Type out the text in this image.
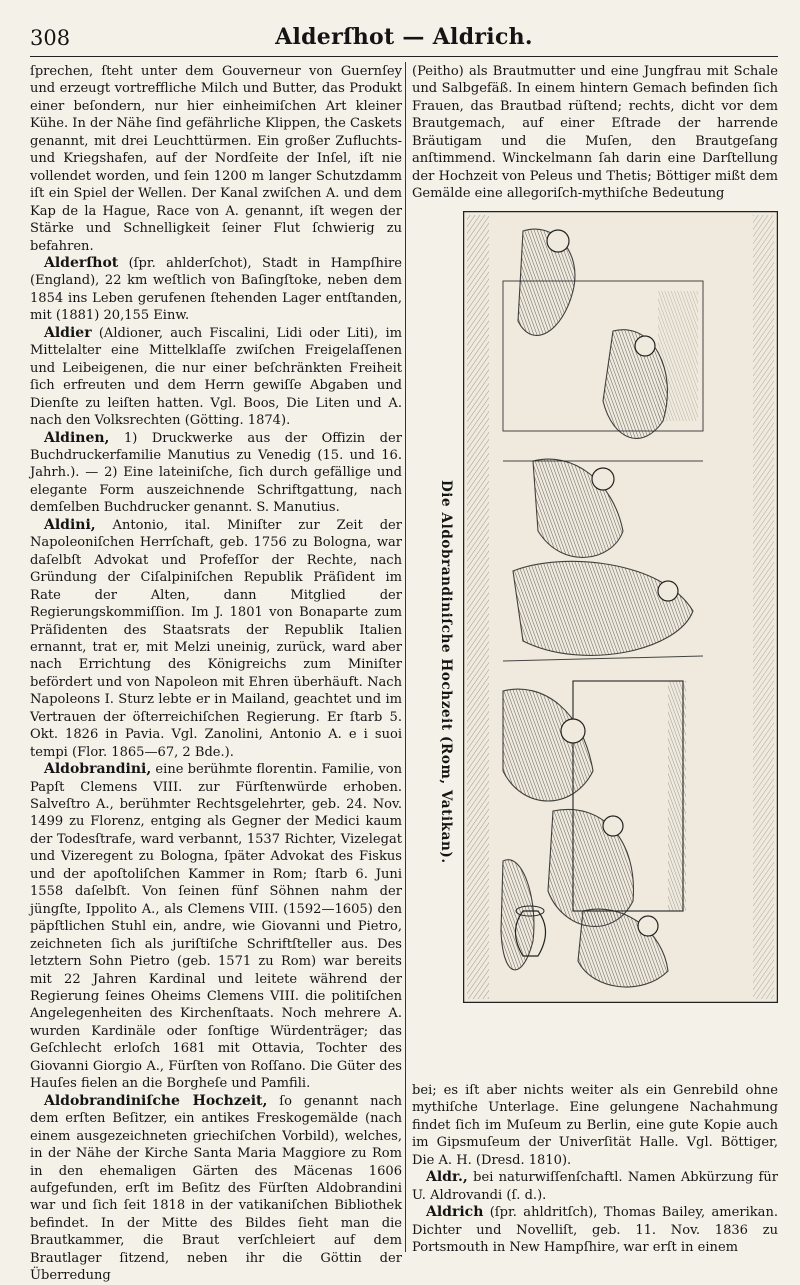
308	Alderſhot — Aldrich.

ſprechen, ſteht unter dem Gouverneur von Guernſey und erzeugt vortreffliche Milch und Butter, das Produkt einer beſondern, nur hier einheimiſchen Art kleiner Kühe. In der Nähe ſind gefährliche Klippen, the Caskets genannt, mit drei Leuchttürmen. Ein großer Zufluchts- und Kriegshafen, auf der Nordſeite der Inſel, iſt nie vollendet worden, und ſein 1200 m langer Schutzdamm iſt ein Spiel der Wellen. Der Kanal zwiſchen A. und dem Kap de la Hague, Race von A. genannt, iſt wegen der Stärke und Schnelligkeit ſeiner Flut ſchwierig zu befahren.

Alderſhot (ſpr. ahlderſchot), Stadt in Hampſhire (England), 22 km weſtlich von Baſingſtoke, neben dem 1854 ins Leben gerufenen ſtehenden Lager entſtanden, mit (1881) 20,155 Einw.

Aldier (Aldioner, auch Fiscalini, Lidi oder Liti), im Mittelalter eine Mittelklaſſe zwiſchen Freigelaſſenen und Leibeigenen, die nur einer beſchränkten Freiheit ſich erfreuten und dem Herrn gewiſſe Abgaben und Dienſte zu leiſten hatten. Vgl. Boos, Die Liten und A. nach den Volksrechten (Götting. 1874).

Aldinen, 1) Druckwerke aus der Offizin der Buchdruckerfamilie Manutius zu Venedig (15. und 16. Jahrh.). — 2) Eine lateiniſche, ſich durch gefällige und elegante Form auszeichnende Schriftgattung, nach demſelben Buchdrucker genannt. S. Manutius.

Aldini, Antonio, ital. Miniſter zur Zeit der Napoleoniſchen Herrſchaft, geb. 1756 zu Bologna, war daſelbſt Advokat und Profeſſor der Rechte, nach Gründung der Ciſalpiniſchen Republik Präſident im Rate der Alten, dann Mitglied der Regierungskommiſſion. Im J. 1801 von Bonaparte zum Präſidenten des Staatsrats der Republik Italien ernannt, trat er, mit Melzi uneinig, zurück, ward aber nach Errichtung des Königreichs zum Miniſter befördert und von Napoleon mit Ehren überhäuft. Nach Napoleons I. Sturz lebte er in Mailand, geachtet und im Vertrauen der öſterreichiſchen Regierung. Er ſtarb 5. Okt. 1826 in Pavia. Vgl. Zanolini, Antonio A. e i suoi tempi (Flor. 1865—67, 2 Bde.).

Aldobrandini, eine berühmte florentin. Familie, von Papſt Clemens VIII. zur Fürſtenwürde erhoben. Salveſtro A., berühmter Rechtsgelehrter, geb. 24. Nov. 1499 zu Florenz, entging als Gegner der Medici kaum der Todesſtrafe, ward verbannt, 1537 Richter, Vizelegat und Vizeregent zu Bologna, ſpäter Advokat des Fiskus und der apoſtoliſchen Kammer in Rom; ſtarb 6. Juni 1558 daſelbſt. Von ſeinen fünf Söhnen nahm der jüngſte, Ippolito A., als Clemens VIII. (1592—1605) den päpſtlichen Stuhl ein, andre, wie Giovanni und Pietro, zeichneten ſich als juriſtiſche Schriftſteller aus. Des letztern Sohn Pietro (geb. 1571 zu Rom) war bereits mit 22 Jahren Kardinal und leitete während der Regierung ſeines Oheims Clemens VIII. die politiſchen Angelegenheiten des Kirchenſtaats. Noch mehrere A. wurden Kardinäle oder ſonſtige Würdenträger; das Geſchlecht erloſch 1681 mit Ottavia, Tochter des Giovanni Giorgio A., Fürſten von Roſſano. Die Güter des Hauſes fielen an die Borgheſe und Pamfili.

Aldobrandiniſche Hochzeit, ſo genannt nach dem erſten Beſitzer, ein antikes Freskogemälde (nach einem ausgezeichneten griechiſchen Vorbild), welches, in der Nähe der Kirche Santa Maria Maggiore zu Rom in den ehemaligen Gärten des Mäcenas 1606 aufgefunden, erſt im Beſitz des Fürſten Aldobrandini war und ſich ſeit 1818 in der vatikaniſchen Bibliothek befindet. In der Mitte des Bildes ſieht man die Brautkammer, die Braut verſchleiert auf dem Brautlager ſitzend, neben ihr die Göttin der Überredung

(Peitho) als Brautmutter und eine Jungfrau mit Schale und Salbgefäß. In einem hintern Gemach befinden ſich Frauen, das Brautbad rüſtend; rechts, dicht vor dem Brautgemach, auf einer Eſtrade der harrende Bräutigam und die Muſen, den Brautgeſang anſtimmend. Winckelmann ſah darin eine Darſtellung der Hochzeit von Peleus und Thetis; Böttiger mißt dem Gemälde eine allegoriſch-mythiſche Bedeutung

Die Aldobrandiniſche Hochzeit (Rom, Vatikan).

bei; es iſt aber nichts weiter als ein Genrebild ohne mythiſche Unterlage. Eine gelungene Nachahmung findet ſich im Muſeum zu Berlin, eine gute Kopie auch im Gipsmuſeum der Univerſität Halle. Vgl. Böttiger, Die A. H. (Dresd. 1810).

Aldr., bei naturwiſſenſchaftl. Namen Abkürzung für U. Aldrovandi (ſ. d.).

Aldrich (ſpr. ahldritſch), Thomas Bailey, amerikan. Dichter und Novelliſt, geb. 11. Nov. 1836 zu Portsmouth in New Hampſhire, war erſt in einem
